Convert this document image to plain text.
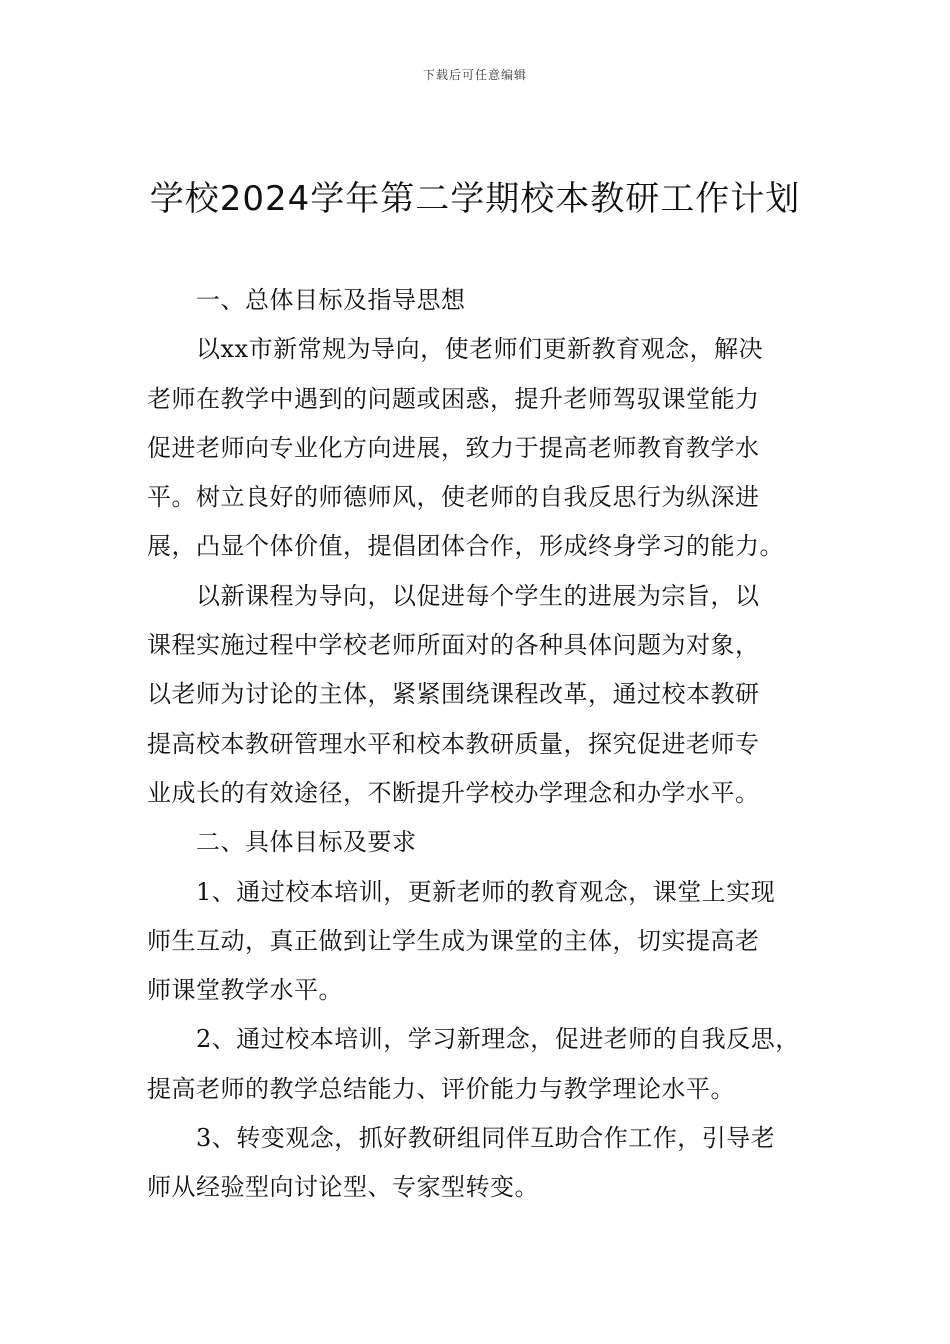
下载后可任意编辑
学校2024学年第二学期校本教研工作计划
一、总体目标及指导思想
以xx市新常规为导向，使老师们更新教育观念，解决
老师在教学中遇到的问题或困惑，提升老师驾驭课堂能力
促进老师向专业化方向进展，致力于提高老师教育教学水
平。树立良好的师德师风，使老师的自我反思行为纵深进
展，凸显个体价值，提倡团体合作，形成终身学习的能力。
以新课程为导向，以促进每个学生的进展为宗旨，以
课程实施过程中学校老师所面对的各种具体问题为对象，
以老师为讨论的主体，紧紧围绕课程改革，通过校本教研
提高校本教研管理水平和校本教研质量，探究促进老师专
业成长的有效途径，不断提升学校办学理念和办学水平。
二、具体目标及要求
1、通过校本培训，更新老师的教育观念，课堂上实现
师生互动，真正做到让学生成为课堂的主体，切实提高老
师课堂教学水平。
2、通过校本培训，学习新理念，促进老师的自我反思，
提高老师的教学总结能力、评价能力与教学理论水平。
3、转变观念，抓好教研组同伴互助合作工作，引导老
师从经验型向讨论型、专家型转变。
